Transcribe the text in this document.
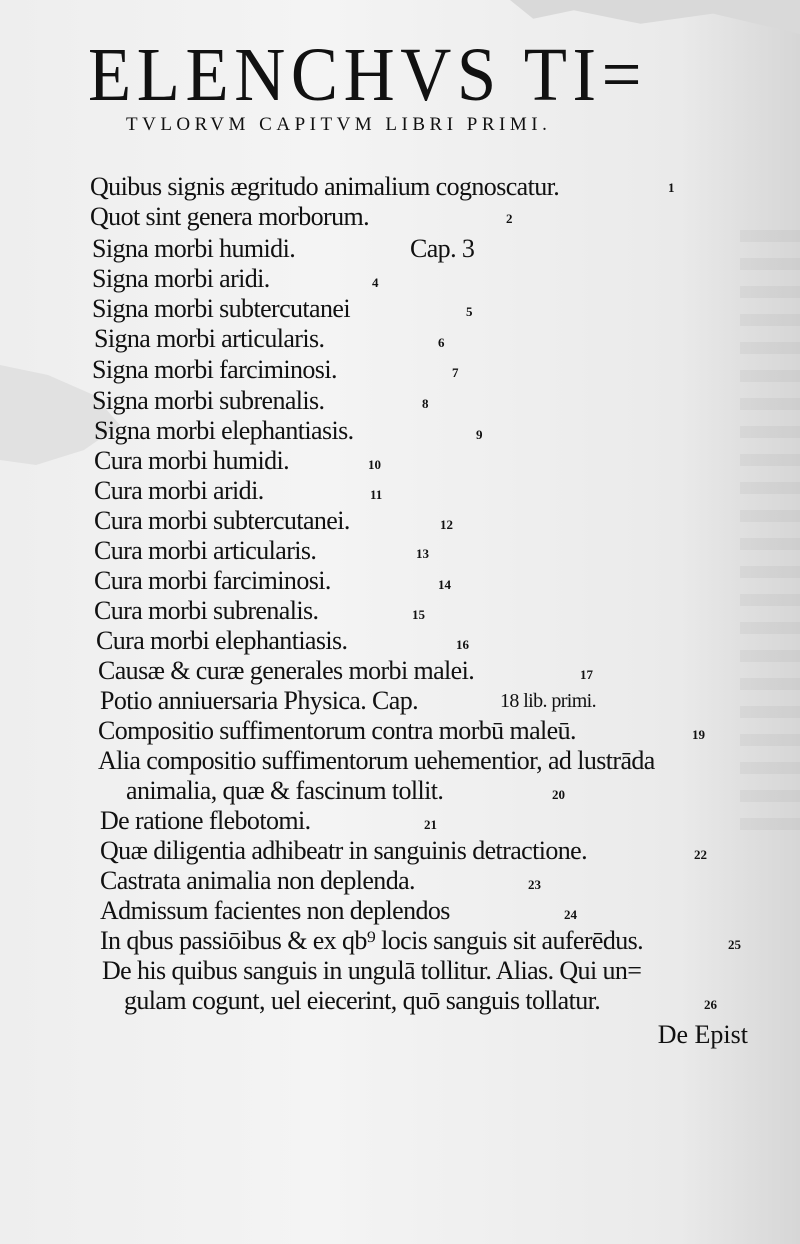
ELENCHVS TI=
TVLORVM CAPITVM LIBRI PRIMI.
Quibus signis ægritudo animalium cognoscatur.	1
Quot sint genera morborum.	2
Signa morbi humidi.	Cap. 3
Signa morbi aridi.	4
Signa morbi subtercutanei	5
Signa morbi articularis.	6
Signa morbi farciminosi.	7
Signa morbi subrenalis.	8
Signa morbi elephantiasis.	9
Cura morbi humidi.	10
Cura morbi aridi.	11
Cura morbi subtercutanei.	12
Cura morbi articularis.	13
Cura morbi farciminosi.	14
Cura morbi subrenalis.	15
Cura morbi elephantiasis.	16
Causæ & curæ generales morbi malei.	17
Potio anniuersaria Physica. Cap.	18 lib. primi.
Compositio suffimentorum contra morbū maleū.	19
Alia compositio suffimentorum uehementior, ad lustrāda
animalia, quæ & fascinum tollit.	20
De ratione flebotomi.	21
Quæ diligentia adhibeatr in sanguinis detractione.	22
Castrata animalia non deplenda.	23
Admissum facientes non deplendos	24
In qbus passiōibus & ex qb⁹ locis sanguis sit auferēdus.	25
De his quibus sanguis in ungulā tollitur. Alias. Qui un=
gulam cogunt, uel eiecerint, quō sanguis tollatur.	26
De Epist
